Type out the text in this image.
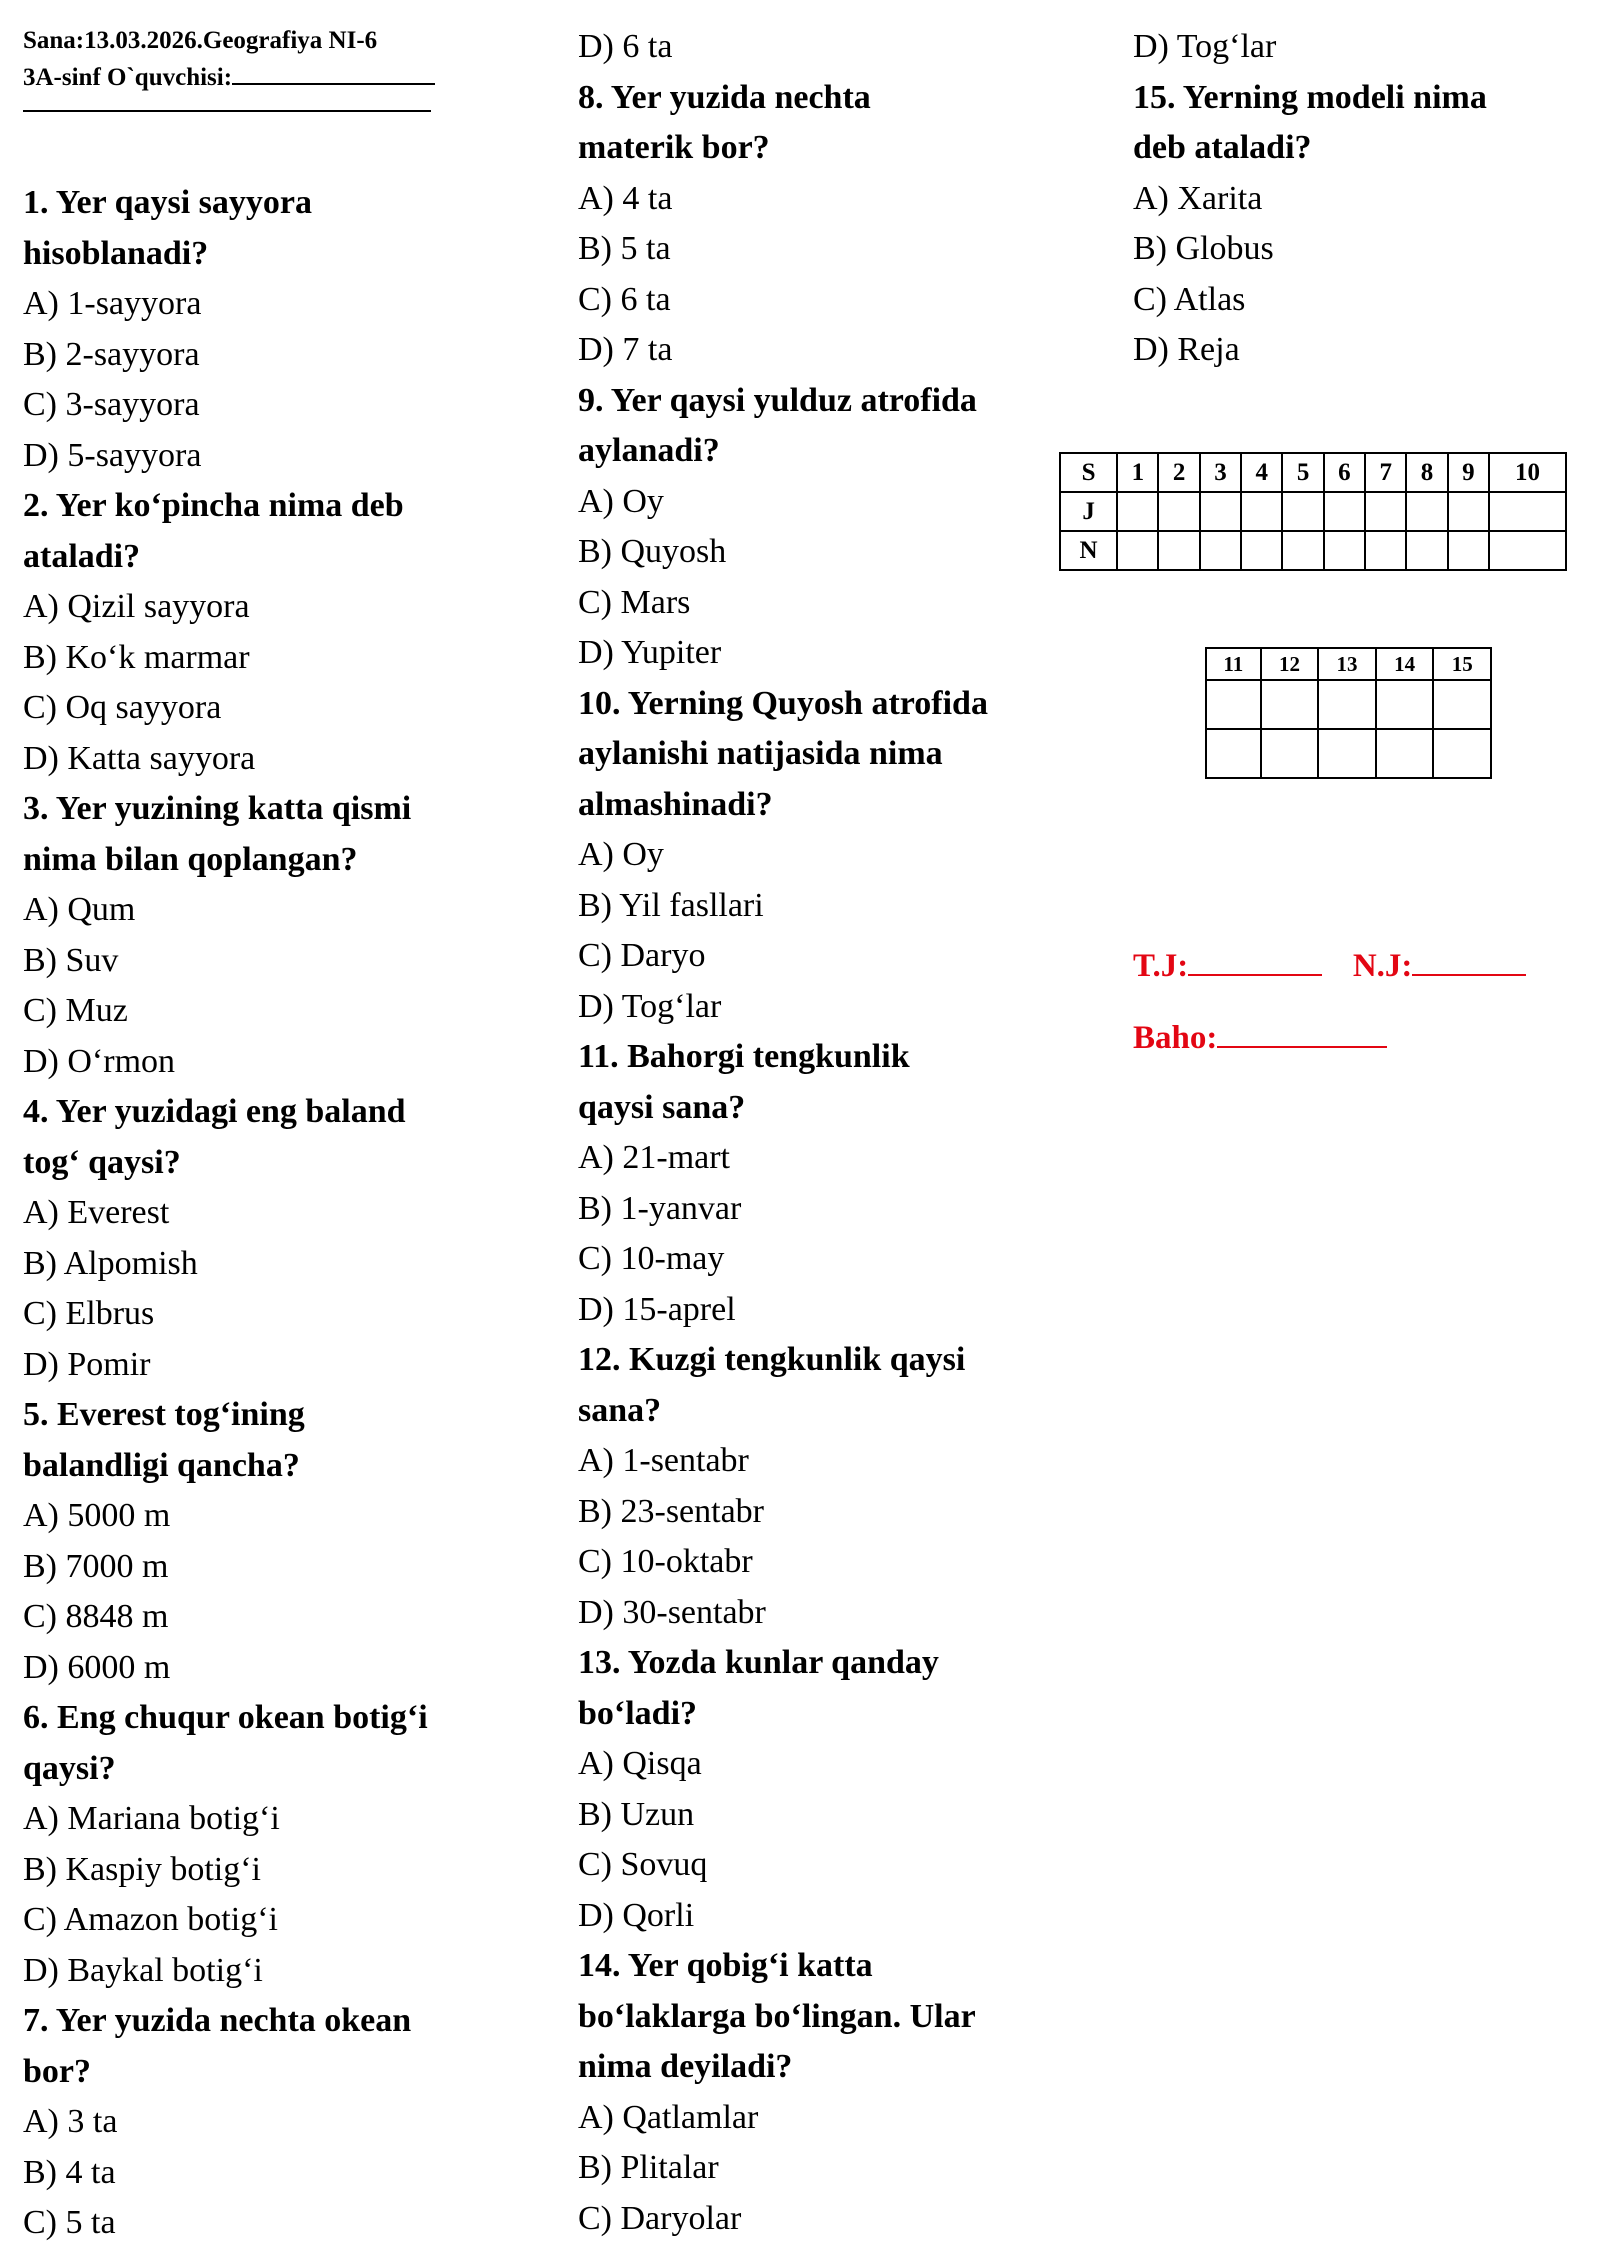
Sana:13.03.2026.Geografiya NI-6
3A-sinf O`quvchisi:
1. Yer qaysi sayyora
hisoblanadi?
A) 1-sayyora
B) 2-sayyora
C) 3-sayyora
D) 5-sayyora
2. Yer ko‘pincha nima deb
ataladi?
A) Qizil sayyora
B) Ko‘k marmar
C) Oq sayyora
D) Katta sayyora
3. Yer yuzining katta qismi
nima bilan qoplangan?
A) Qum
B) Suv
C) Muz
D) O‘rmon
4. Yer yuzidagi eng baland
tog‘ qaysi?
A) Everest
B) Alpomish
C) Elbrus
D) Pomir
5. Everest tog‘ining
balandligi qancha?
A) 5000 m
B) 7000 m
C) 8848 m
D) 6000 m
6. Eng chuqur okean botig‘i
qaysi?
A) Mariana botig‘i
B) Kaspiy botig‘i
C) Amazon botig‘i
D) Baykal botig‘i
7. Yer yuzida nechta okean
bor?
A) 3 ta
B) 4 ta
C) 5 ta
D) 6 ta
8. Yer yuzida nechta
materik bor?
A) 4 ta
B) 5 ta
C) 6 ta
D) 7 ta
9. Yer qaysi yulduz atrofida
aylanadi?
A) Oy
B) Quyosh
C) Mars
D) Yupiter
10. Yerning Quyosh atrofida
aylanishi natijasida nima
almashinadi?
A) Oy
B) Yil fasllari
C) Daryo
D) Tog‘lar
11. Bahorgi tengkunlik
qaysi sana?
A) 21-mart
B) 1-yanvar
C) 10-may
D) 15-aprel
12. Kuzgi tengkunlik qaysi
sana?
A) 1-sentabr
B) 23-sentabr
C) 10-oktabr
D) 30-sentabr
13. Yozda kunlar qanday
bo‘ladi?
A) Qisqa
B) Uzun
C) Sovuq
D) Qorli
14. Yer qobig‘i katta
bo‘laklarga bo‘lingan. Ular
nima deyiladi?
A) Qatlamlar
B) Plitalar
C) Daryolar
D) Tog‘lar
15. Yerning modeli nima
deb ataladi?
A) Xarita
B) Globus
C) Atlas
D) Reja
S	1	2	3	4	5	6	7	8	9	10
J										
N										
11	12	13	14	15

T.J:	N.J:
Baho:
